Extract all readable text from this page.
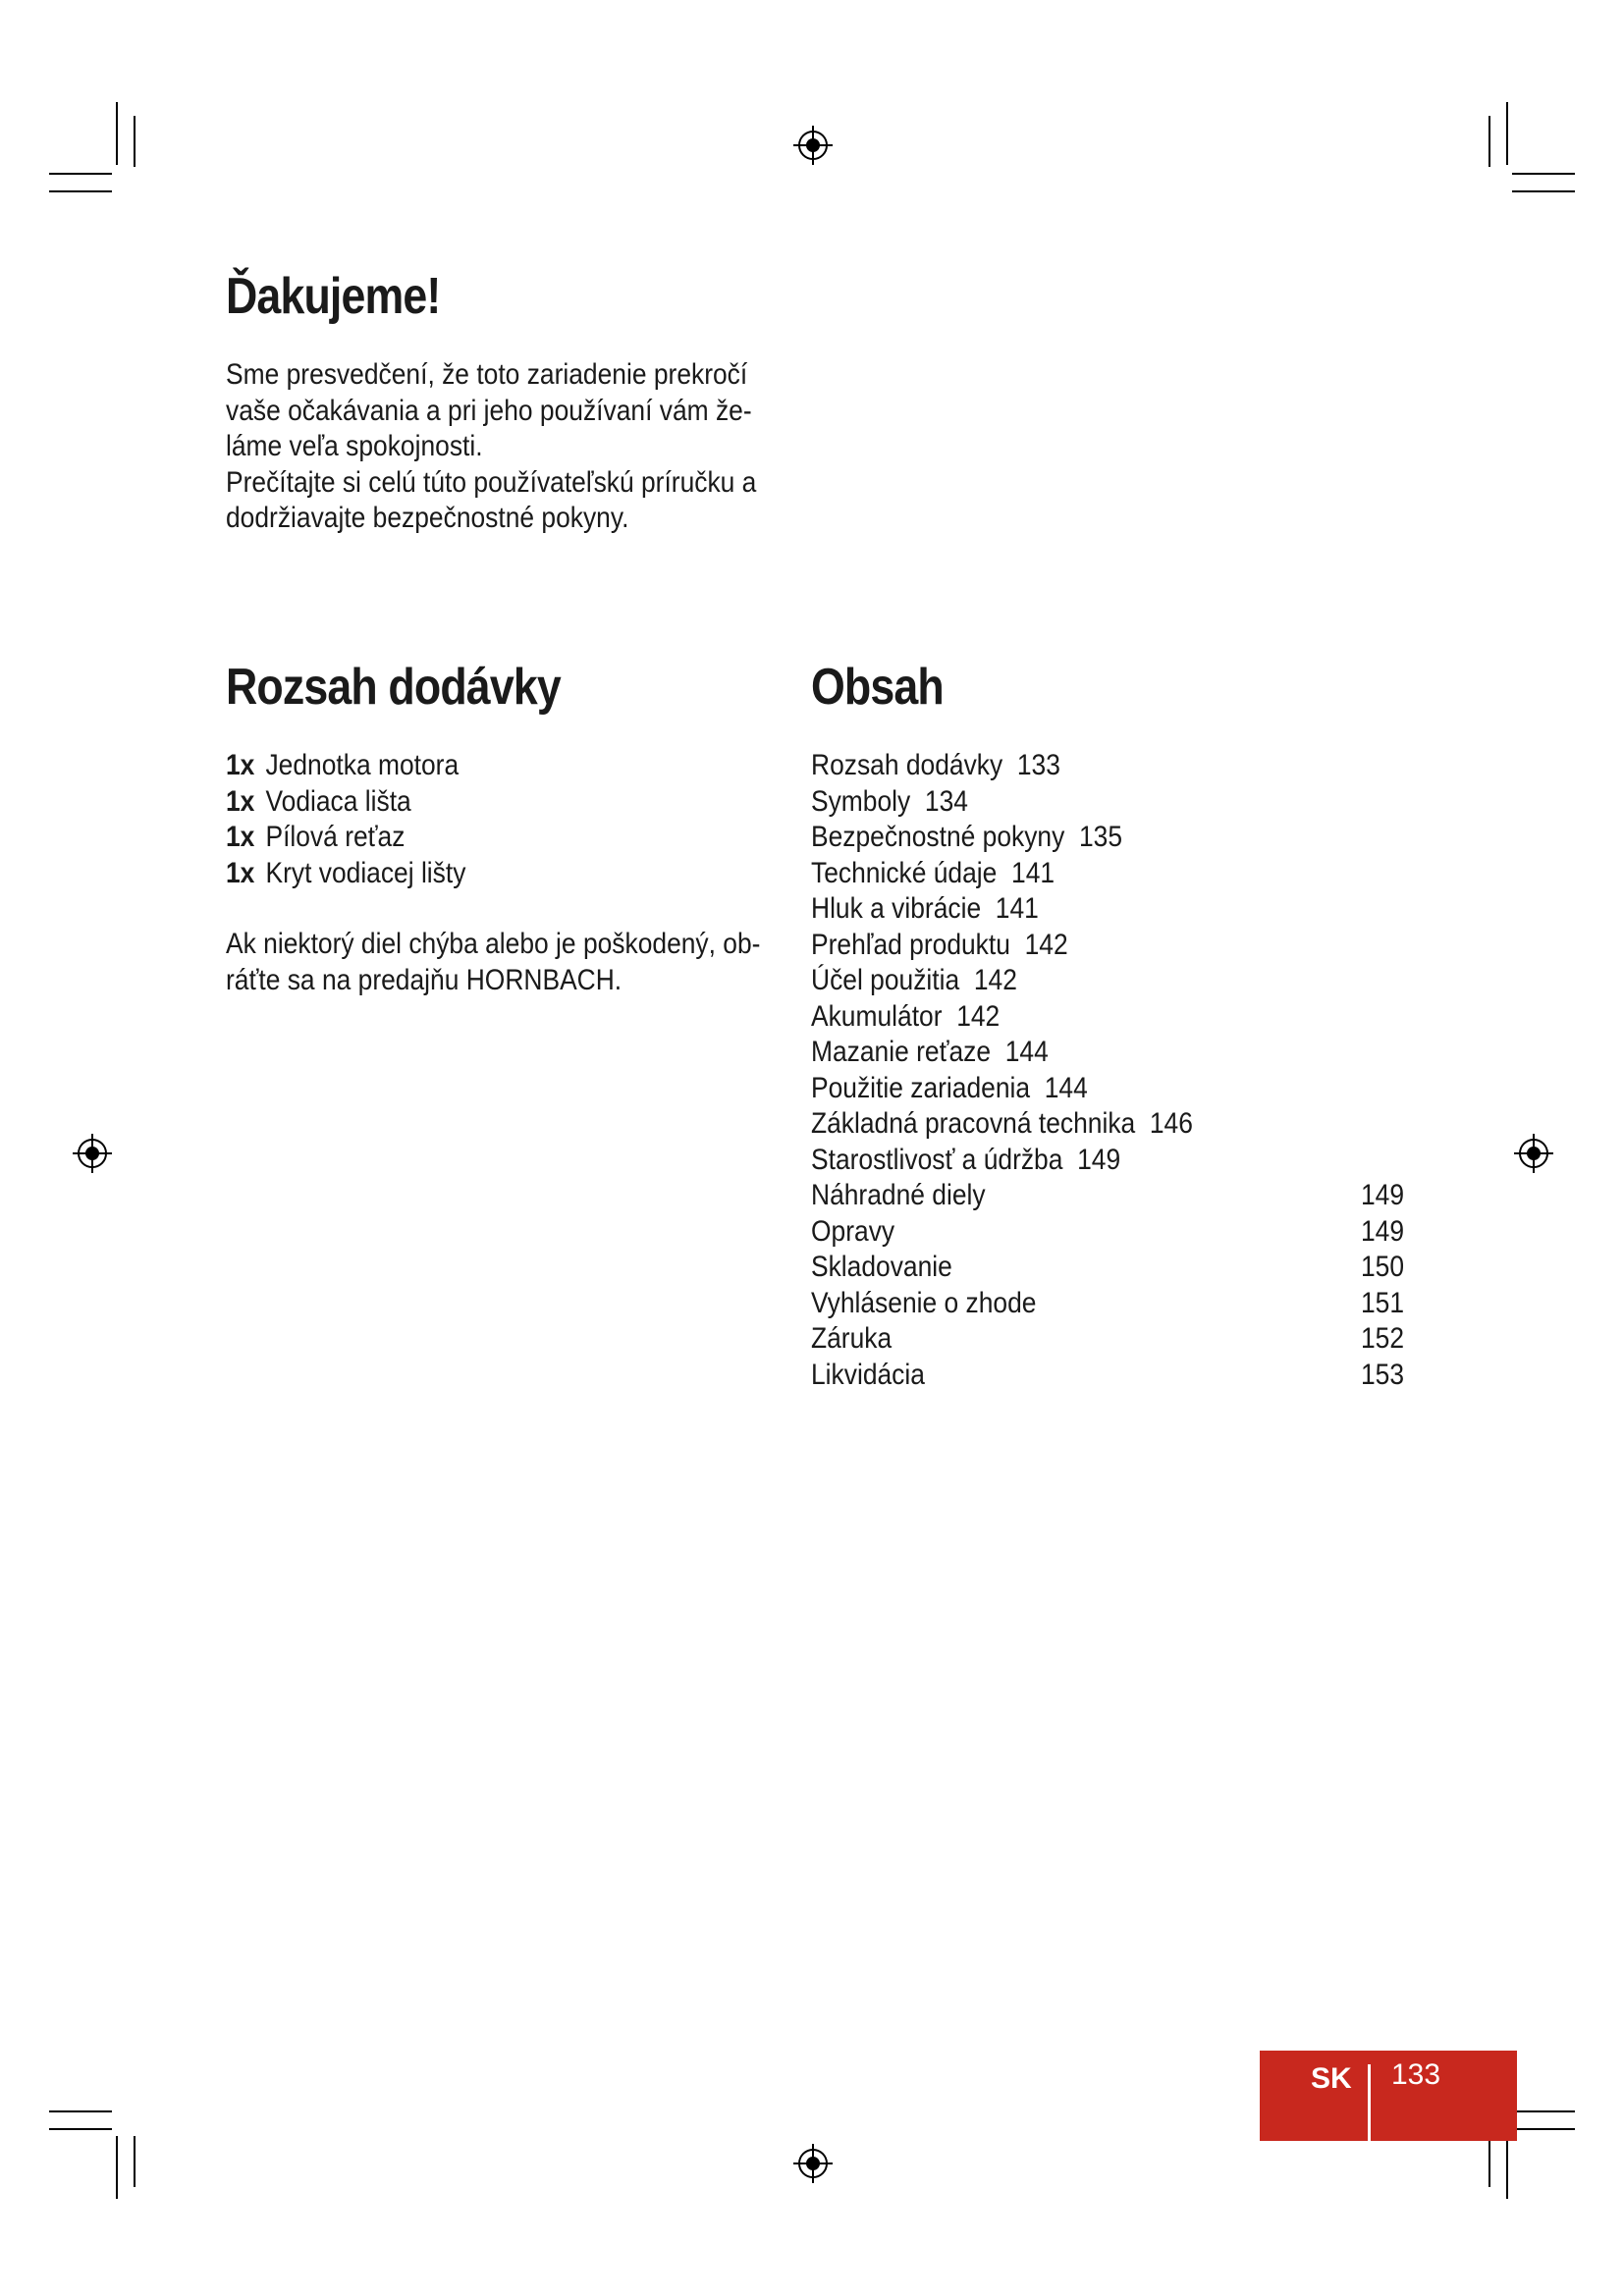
Ďakujeme!

Sme presvedčení, že toto zariadenie prekročí

vaše očakávania a pri jeho používaní vám že-

láme veľa spokojnosti.

Prečítajte si celú túto používateľskú príručku a

dodržiavajte bezpečnostné pokyny.

Rozsah dodávky
1x Jednotka motora
1x Vodiaca lišta
1x Pílová reťaz
1x Kryt vodiacej lišty

Ak niektorý diel chýba alebo je poškodený, ob-

ráťte sa na predajňu HORNBACH.

Obsah
Rozsah dodávky 133
Symboly 134
Bezpečnostné pokyny 135
Technické údaje 141
Hluk a vibrácie 141
Prehľad produktu 142
Účel použitia 142
Akumulátor 142
Mazanie reťaze 144
Použitie zariadenia 144
Základná pracovná technika 146
Starostlivosť a údržba 149
Náhradné diely	149
Opravy	149
Skladovanie	150
Vyhlásenie o zhode	151
Záruka	152
Likvidácia	153
SK 133
